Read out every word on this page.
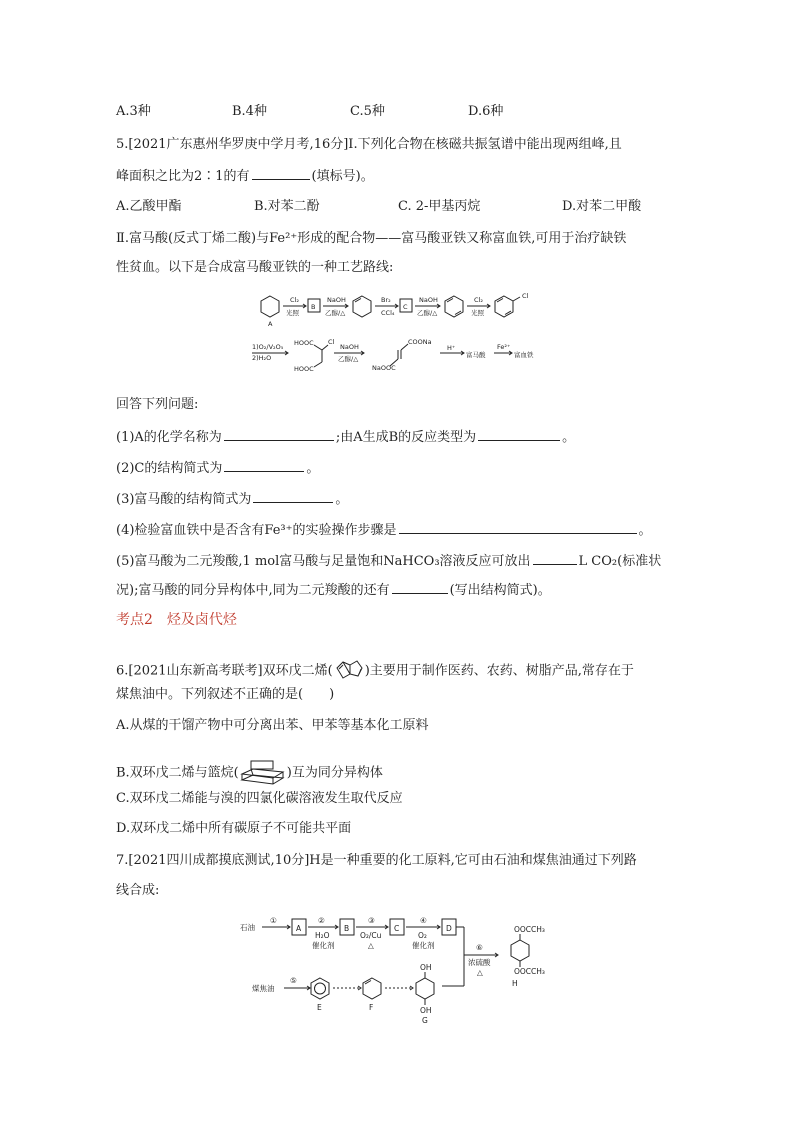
A.3种	B.4种	C.5种	D.6种
5.[2021广东惠州华罗庚中学月考,16分]Ⅰ.下列化合物在核磁共振氢谱中能出现两组峰,且
峰面积之比为2∶1的有	(填标号)。
A.乙酸甲酯	B.对苯二酚	C. 2-甲基丙烷	D.对苯二甲酸
Ⅱ.富马酸(反式丁烯二酸)与Fe²⁺形成的配合物——富马酸亚铁又称富血铁,可用于治疗缺铁
性贫血。以下是合成富马酸亚铁的一种工艺路线:
A
Cl₂
光照
B
NaOH
乙醇/△
Br₂
CCl₄
C
NaOH
乙醇/△
Cl₂
光照
Cl
1)O₂/V₂O₅
2)H₂O
HOOC Cl
HOOC
NaOH
乙醇/△
COONa
NaOOC
H⁺
富马酸
Fe²⁺
富血铁
回答下列问题:
(1)A的化学名称为	;由A生成B的反应类型为	。
(2)C的结构简式为	。
(3)富马酸的结构简式为	。
(4)检验富血铁中是否含有Fe³⁺的实验操作步骤是	。
(5)富马酸为二元羧酸,1 mol富马酸与足量饱和NaHCO₃溶液反应可放出	L CO₂(标准状
况);富马酸的同分异构体中,同为二元羧酸的还有	(写出结构简式)。
考点2　烃及卤代烃
6.[2021山东新高考联考]双环戊二烯( )主要用于制作医药、农药、树脂产品,常存在于
煤焦油中。下列叙述不正确的是(　　)
A.从煤的干馏产物中可分离出苯、甲苯等基本化工原料
B.双环戊二烯与篮烷(	)互为同分异构体
C.双环戊二烯能与溴的四氯化碳溶液发生取代反应
D.双环戊二烯中所有碳原子不可能共平面
7.[2021四川成都摸底测试,10分]H是一种重要的化工原料,它可由石油和煤焦油通过下列路
线合成:
石油
①
A
②
H₂O
催化剂
B
③
O₂/Cu
△
C
④
O₂
催化剂
D
⑥
浓硫酸
△
OOCCH₃
OOCCH₃
H
煤焦油
⑤
E	F
OH
OH
G
